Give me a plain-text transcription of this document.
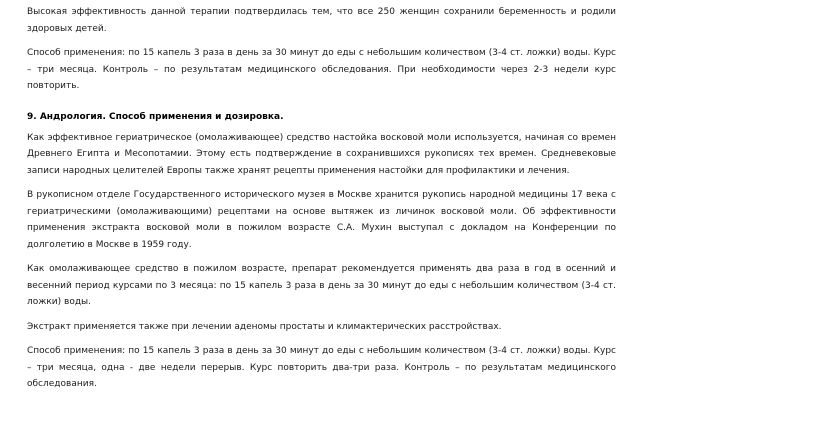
Высокая эффективность данной терапии подтвердилась тем, что все 250 женщин сохранили беременность и родили здоровых детей.

Способ применения: по 15 капель 3 раза в день за 30 минут до еды с небольшим количеством (3-4 ст. ложки) воды. Курс – три месяца. Контроль – по результатам медицинского обследования. При необходимости через 2-3 недели курс повторить.

9. Андрология. Способ применения и дозировка.

Как эффективное гериатрическое (омолаживающее) средство настойка восковой моли используется, начиная со времен Древнего Египта и Месопотамии. Этому есть подтверждение в сохранившихся рукописях тех времен. Средневековые записи народных целителей Европы также хранят рецепты применения настойки для профилактики и лечения.

В рукописном отделе Государственного исторического музея в Москве хранится рукопись народной медицины 17 века с гериатрическими (омолаживающими) рецептами на основе вытяжек из личинок восковой моли. Об эффективности применения экстракта восковой моли в пожилом возрасте С.А. Мухин выступал с докладом на Конференции по долголетию в Москве в 1959 году.

Как омолаживающее средство в пожилом возрасте, препарат рекомендуется применять два раза в год в осенний и весенний период курсами по 3 месяца: по 15 капель 3 раза в день за 30 минут до еды с небольшим количеством (3-4 ст. ложки) воды.

Экстракт применяется также при лечении аденомы простаты и климактерических расстройствах.

Способ применения: по 15 капель 3 раза в день за 30 минут до еды с небольшим количеством (3-4 ст. ложки) воды. Курс – три месяца, одна - две недели перерыв. Курс повторить два-три раза. Контроль – по результатам медицинского обследования.
